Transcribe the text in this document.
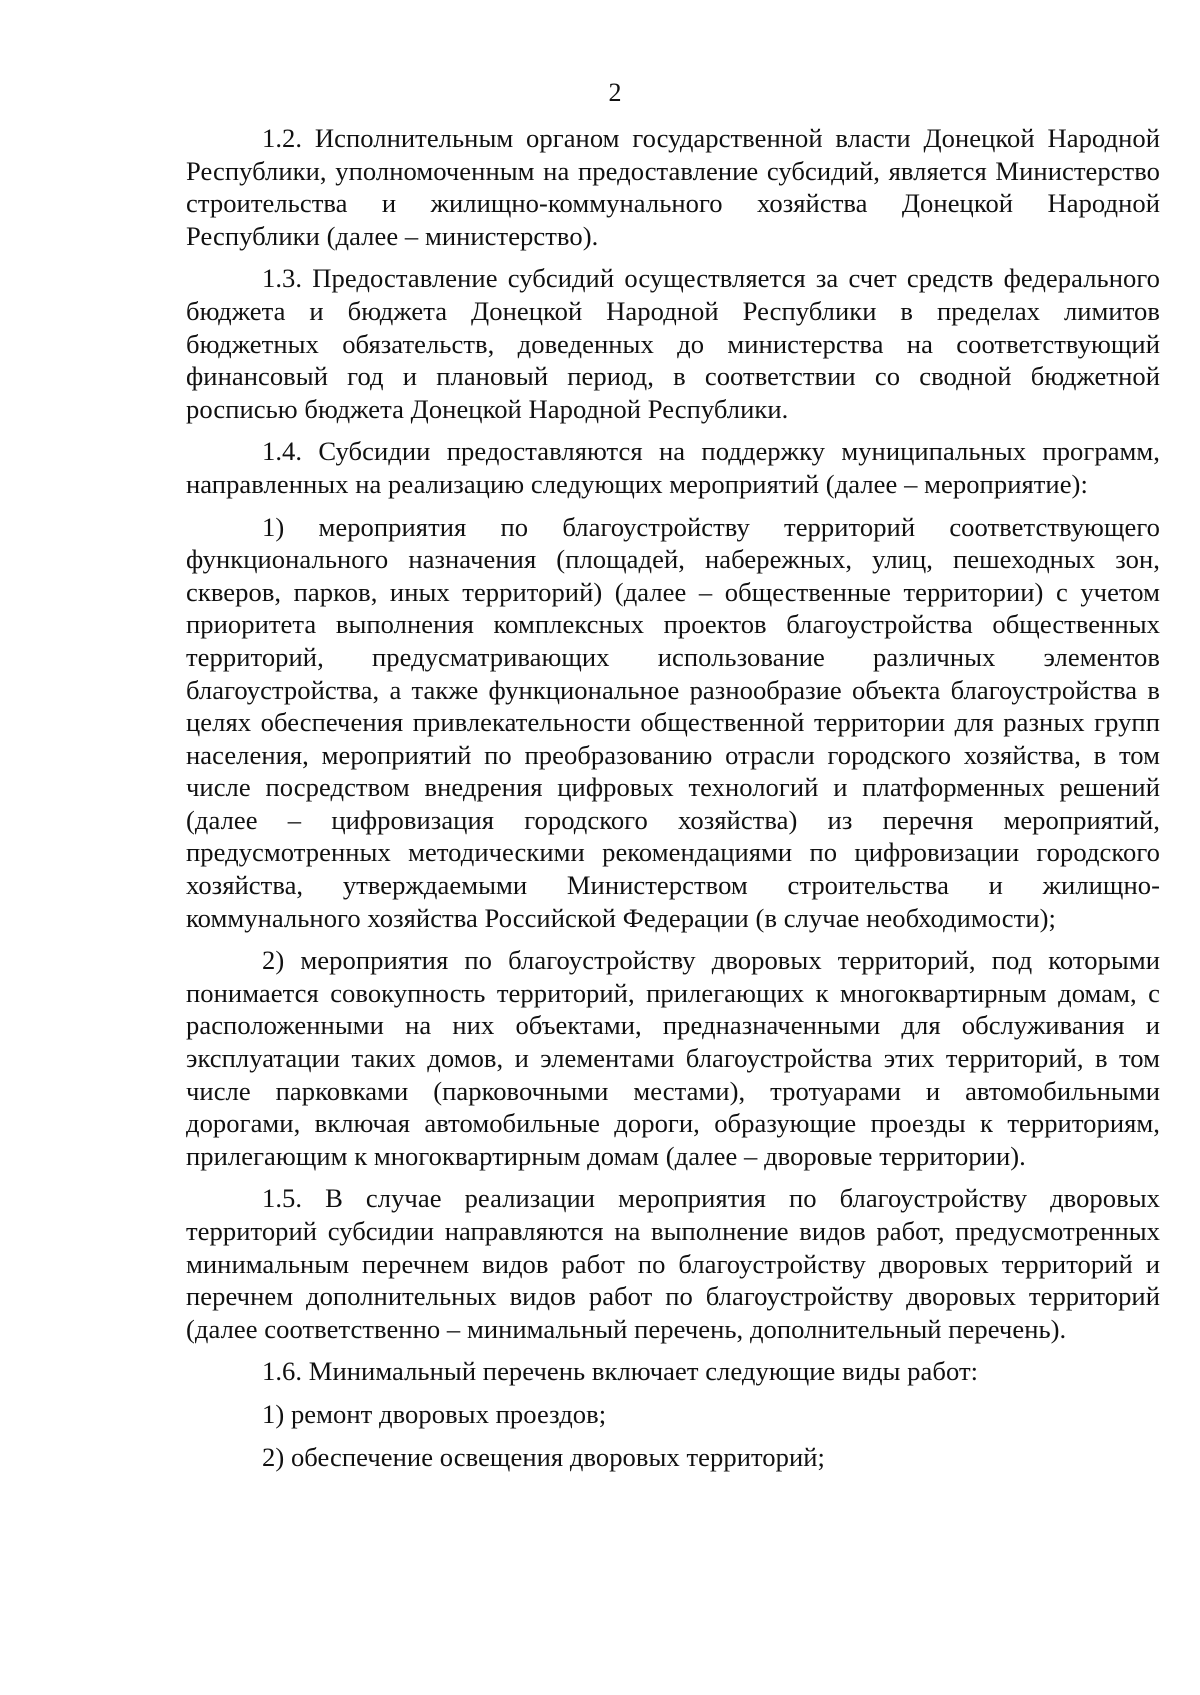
2

1.2. Исполнительным органом государственной власти Донецкой Народной Республики, уполномоченным на предоставление субсидий, является Министерство строительства и жилищно-коммунального хозяйства Донецкой Народной Республики (далее – министерство).

1.3. Предоставление субсидий осуществляется за счет средств федерального бюджета и бюджета Донецкой Народной Республики в пределах лимитов бюджетных обязательств, доведенных до министерства на соответствующий финансовый год и плановый период, в соответствии со сводной бюджетной росписью бюджета Донецкой Народной Республики.

1.4. Субсидии предоставляются на поддержку муниципальных программ, направленных на реализацию следующих мероприятий (далее – мероприятие):

1) мероприятия по благоустройству территорий соответствующего функционального назначения (площадей, набережных, улиц, пешеходных зон, скверов, парков, иных территорий) (далее – общественные территории) с учетом приоритета выполнения комплексных проектов благоустройства общественных территорий, предусматривающих использование различных элементов благоустройства, а также функциональное разнообразие объекта благоустройства в целях обеспечения привлекательности общественной территории для разных групп населения, мероприятий по преобразованию отрасли городского хозяйства, в том числе посредством внедрения цифровых технологий и платформенных решений (далее – цифровизация городского хозяйства) из перечня мероприятий, предусмотренных методическими рекомендациями по цифровизации городского хозяйства, утверждаемыми Министерством строительства и жилищно-коммунального хозяйства Российской Федерации (в случае необходимости);

2) мероприятия по благоустройству дворовых территорий, под которыми понимается совокупность территорий, прилегающих к многоквартирным домам, с расположенными на них объектами, предназначенными для обслуживания и эксплуатации таких домов, и элементами благоустройства этих территорий, в том числе парковками (парковочными местами), тротуарами и автомобильными дорогами, включая автомобильные дороги, образующие проезды к территориям, прилегающим к многоквартирным домам (далее – дворовые территории).

1.5. В случае реализации мероприятия по благоустройству дворовых территорий субсидии направляются на выполнение видов работ, предусмотренных минимальным перечнем видов работ по благоустройству дворовых территорий и перечнем дополнительных видов работ по благоустройству дворовых территорий (далее соответственно – минимальный перечень, дополнительный перечень).

1.6. Минимальный перечень включает следующие виды работ:

1) ремонт дворовых проездов;

2) обеспечение освещения дворовых территорий;
